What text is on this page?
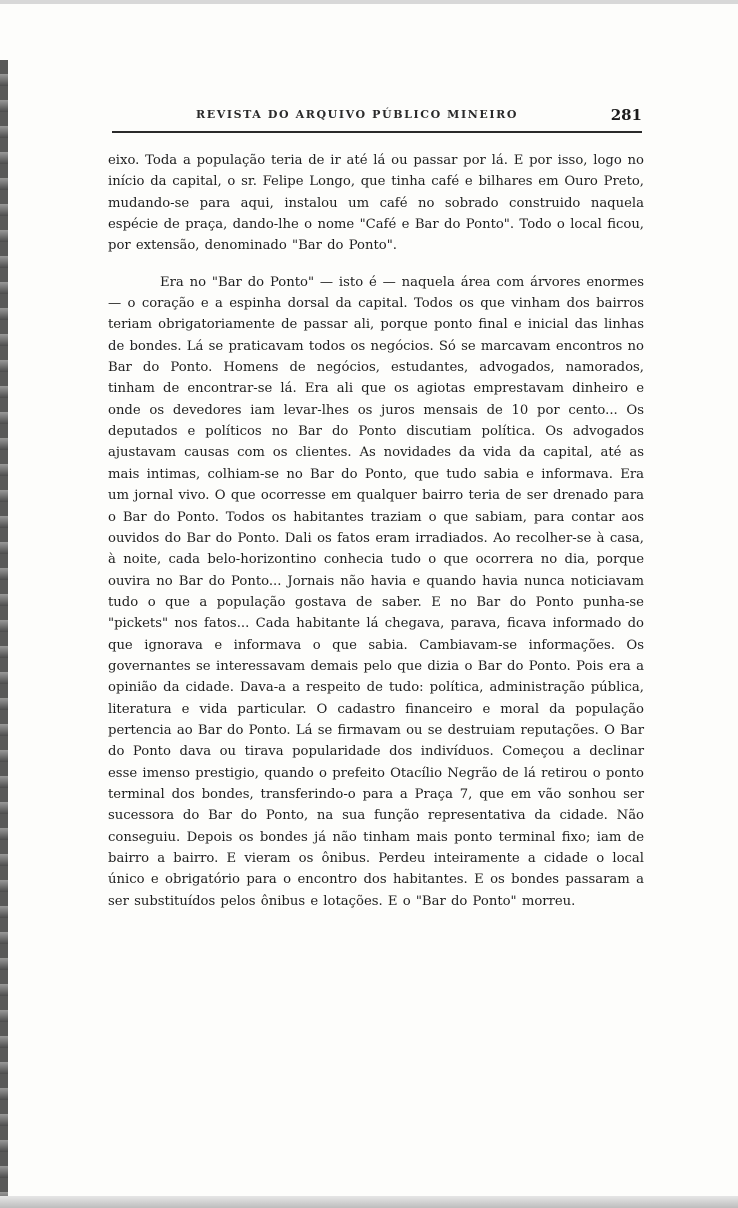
REVISTA DO ARQUIVO PÚBLICO MINEIRO	281

eixo. Toda a população teria de ir até lá ou passar por lá. E por isso, logo no início da capital, o sr. Felipe Longo, que tinha café e bilhares em Ouro Preto, mudando-se para aqui, instalou um café no sobrado construido naquela espécie de praça, dando-lhe o nome "Café e Bar do Ponto". Todo o local ficou, por extensão, denominado "Bar do Ponto".

Era no "Bar do Ponto" — isto é — naquela área com árvores enormes — o coração e a espinha dorsal da capital. Todos os que vinham dos bairros teriam obrigatoriamente de passar ali, porque ponto final e inicial das linhas de bondes. Lá se praticavam todos os negócios. Só se marcavam encontros no Bar do Ponto. Homens de negócios, estudantes, advogados, namorados, tinham de encontrar-se lá. Era ali que os agiotas emprestavam dinheiro e onde os devedores iam levar-lhes os juros mensais de 10 por cento... Os deputados e políticos no Bar do Ponto discutiam política. Os advogados ajustavam causas com os clientes. As novidades da vida da capital, até as mais intimas, colhiam-se no Bar do Ponto, que tudo sabia e informava. Era um jornal vivo. O que ocorresse em qualquer bairro teria de ser drenado para o Bar do Ponto. Todos os habitantes traziam o que sabiam, para contar aos ouvidos do Bar do Ponto. Dali os fatos eram irradiados. Ao recolher-se à casa, à noite, cada belo-horizontino conhecia tudo o que ocorrera no dia, porque ouvira no Bar do Ponto... Jornais não havia e quando havia nunca noticiavam tudo o que a população gostava de saber. E no Bar do Ponto punha-se "pickets" nos fatos... Cada habitante lá chegava, parava, ficava informado do que ignorava e informava o que sabia. Cambiavam-se informações. Os governantes se interessavam demais pelo que dizia o Bar do Ponto. Pois era a opinião da cidade. Dava-a a respeito de tudo: política, administração pública, literatura e vida particular. O cadastro financeiro e moral da população pertencia ao Bar do Ponto. Lá se firmavam ou se destruiam reputações. O Bar do Ponto dava ou tirava popularidade dos indivíduos. Começou a declinar esse imenso prestigio, quando o prefeito Otacílio Negrão de lá retirou o ponto terminal dos bondes, transferindo-o para a Praça 7, que em vão sonhou ser sucessora do Bar do Ponto, na sua função representativa da cidade. Não conseguiu. Depois os bondes já não tinham mais ponto terminal fixo; iam de bairro a bairro. E vieram os ônibus. Perdeu inteiramente a cidade o local único e obrigatório para o encontro dos habitantes. E os bondes passaram a ser substituídos pelos ônibus e lotações. E o "Bar do Ponto" morreu.
